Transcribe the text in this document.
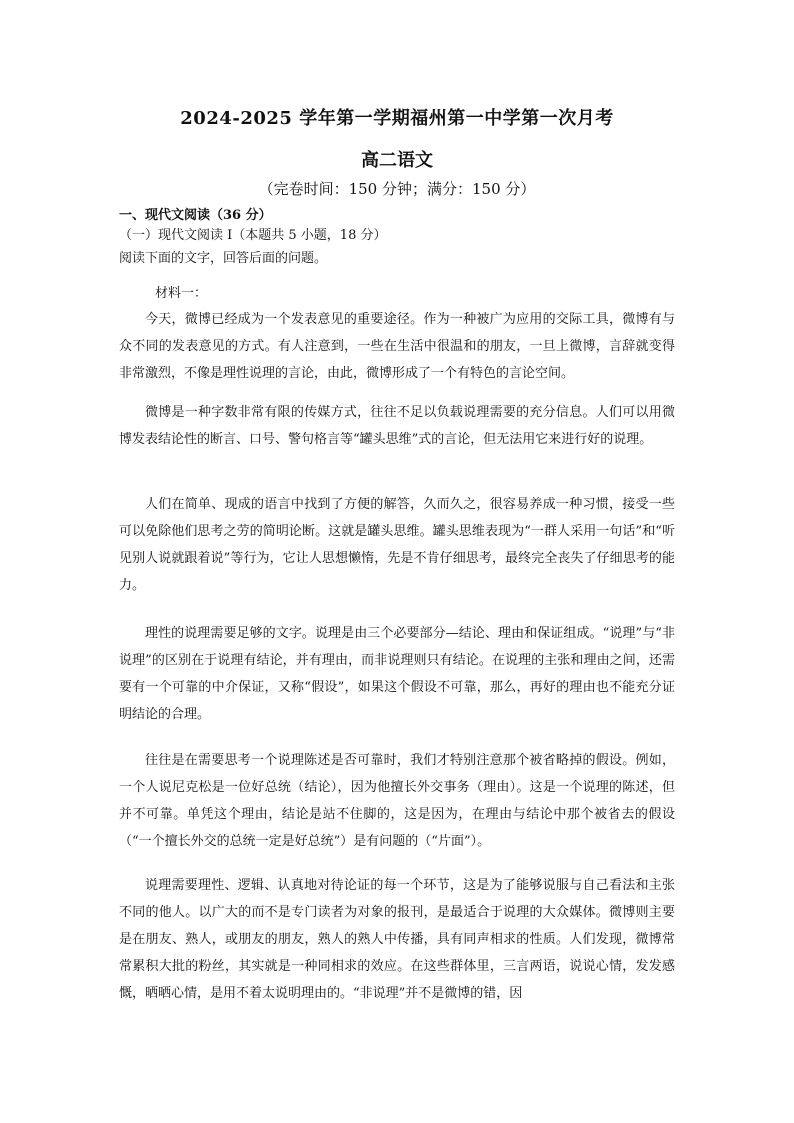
2024-2025 学年第一学期福州第一中学第一次月考
高二语文
（完卷时间：150 分钟；满分：150 分）
一、现代文阅读（36 分）
（一）现代文阅读 I（本题共 5 小题，18 分）
阅读下面的文字，回答后面的问题。
材料一：

今天，微博已经成为一个发表意见的重要途径。作为一种被广为应用的交际工具，微博有与众不同的发表意见的方式。有人注意到，一些在生活中很温和的朋友，一旦上微博，言辞就变得非常激烈，不像是理性说理的言论，由此，微博形成了一个有特色的言论空间。

微博是一种字数非常有限的传媒方式，往往不足以负载说理需要的充分信息。人们可以用微博发表结论性的断言、口号、警句格言等“罐头思维”式的言论，但无法用它来进行好的说理。

人们在简单、现成的语言中找到了方便的解答，久而久之，很容易养成一种习惯，接受一些可以免除他们思考之劳的简明论断。这就是罐头思维。罐头思维表现为“一群人采用一句话”和“听见别人说就跟着说”等行为，它让人思想懒惰，先是不肯仔细思考，最终完全丧失了仔细思考的能力。

理性的说理需要足够的文字。说理是由三个必要部分—结论、理由和保证组成。“说理”与“非说理”的区别在于说理有结论，并有理由，而非说理则只有结论。在说理的主张和理由之间，还需要有一个可靠的中介保证，又称“假设”，如果这个假设不可靠，那么，再好的理由也不能充分证明结论的合理。

往往是在需要思考一个说理陈述是否可靠时，我们才特别注意那个被省略掉的假设。例如，一个人说尼克松是一位好总统（结论），因为他擅长外交事务（理由）。这是一个说理的陈述，但并不可靠。单凭这个理由，结论是站不住脚的，这是因为，在理由与结论中那个被省去的假设（“一个擅长外交的总统一定是好总统”）是有问题的（“片面”）。

说理需要理性、逻辑、认真地对待论证的每一个环节，这是为了能够说服与自己看法和主张不同的他人。以广大的而不是专门读者为对象的报刊，是最适合于说理的大众媒体。微博则主要是在朋友、熟人，或朋友的朋友，熟人的熟人中传播，具有同声相求的性质。人们发现，微博常常累积大批的粉丝，其实就是一种同相求的效应。在这些群体里，三言两语，说说心情，发发感慨，晒晒心情，是用不着太说明理由的。“非说理”并不是微博的错，因
